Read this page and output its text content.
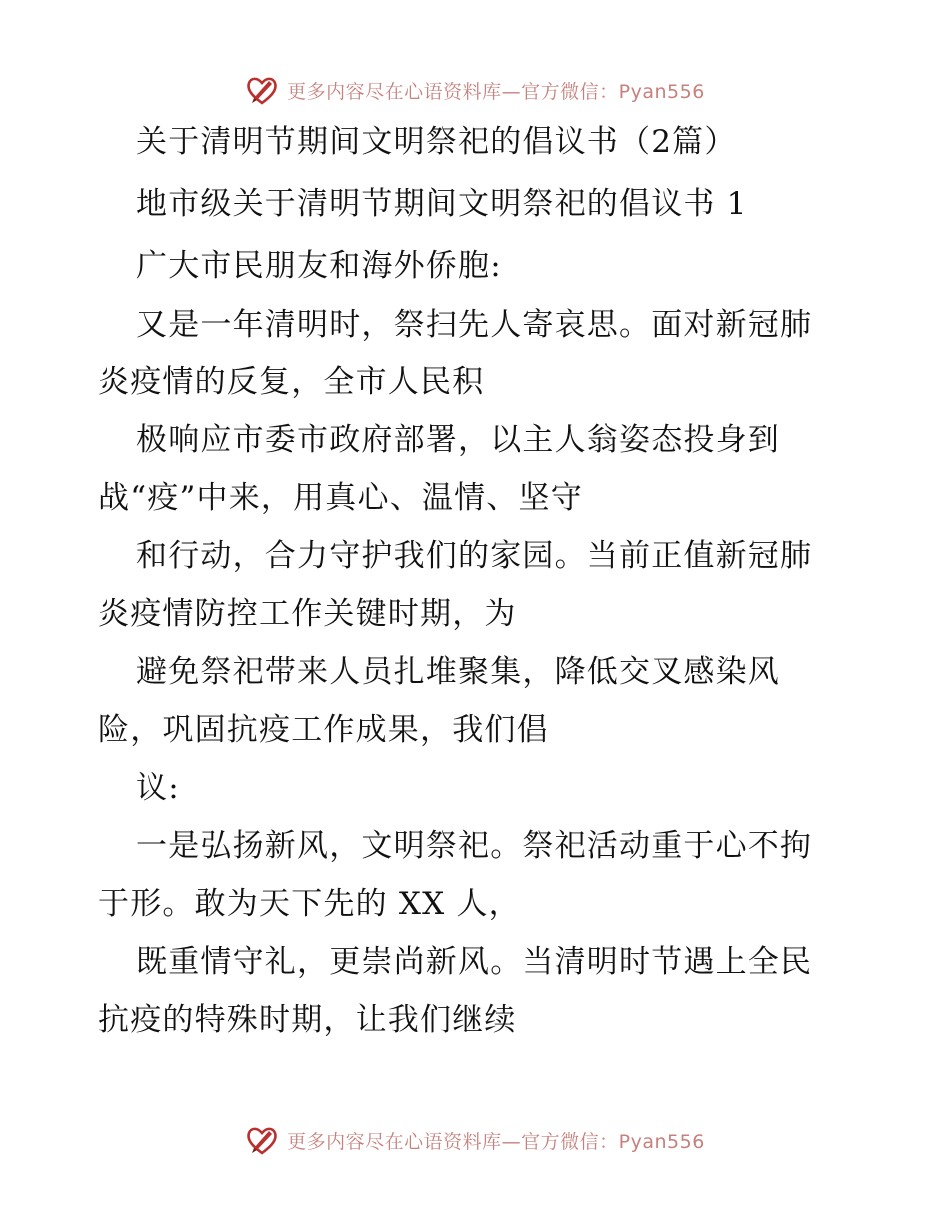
更多内容尽在心语资料库—官方微信：Pyan556
关于清明节期间文明祭祀的倡议书（2篇）
地市级关于清明节期间文明祭祀的倡议书 1
广大市民朋友和海外侨胞:
又是一年清明时，祭扫先人寄哀思。面对新冠肺
炎疫情的反复，全市人民积
极响应市委市政府部署，以主人翁姿态投身到
战“疫”中来，用真心、温情、坚守
和行动，合力守护我们的家园。当前正值新冠肺
炎疫情防控工作关键时期，为
避免祭祀带来人员扎堆聚集，降低交叉感染风
险，巩固抗疫工作成果，我们倡
议:
一是弘扬新风，文明祭祀。祭祀活动重于心不拘
于形。敢为天下先的 XX 人，
既重情守礼，更崇尚新风。当清明时节遇上全民
抗疫的特殊时期，让我们继续
更多内容尽在心语资料库—官方微信：Pyan556
